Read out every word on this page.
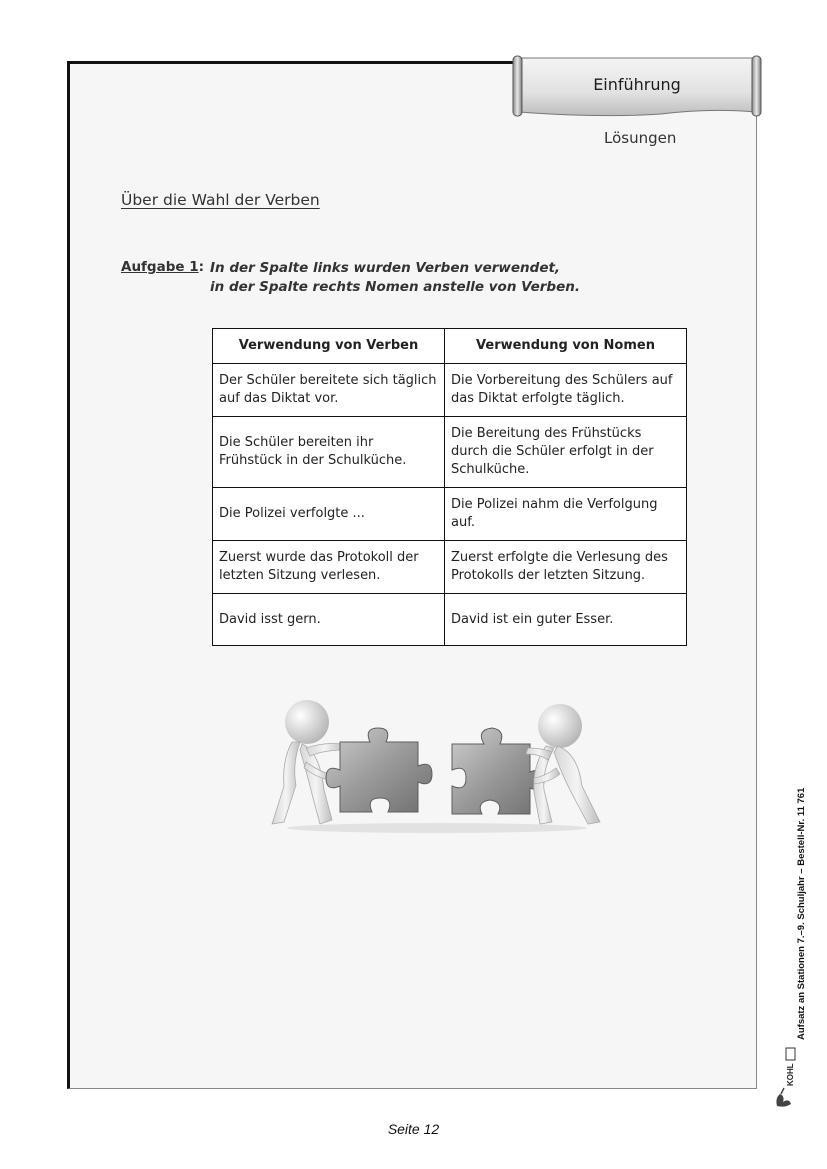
Einführung
Lösungen
Über die Wahl der Verben
Aufgabe 1: In der Spalte links wurden Verben verwendet,
in der Spalte rechts Nomen anstelle von Verben.
Verwendung von Verben	Verwendung von Nomen
Der Schüler bereitete sich täglich auf das Diktat vor.	Die Vorbereitung des Schülers auf das Diktat erfolgte täglich.
Die Schüler bereiten ihr Frühstück in der Schulküche.	Die Bereitung des Frühstücks durch die Schüler erfolgt in der Schulküche.
Die Polizei verfolgte ...	Die Polizei nahm die Verfolgung auf.
Zuerst wurde das Protokoll der letzten Sitzung verlesen.	Zuerst erfolgte die Verlesung des Protokolls der letzten Sitzung.
David isst gern.	David ist ein guter Esser.
Aufsatz an Stationen 7.–9. Schuljahr – Bestell-Nr. 11 761
KOHL
Seite 12
